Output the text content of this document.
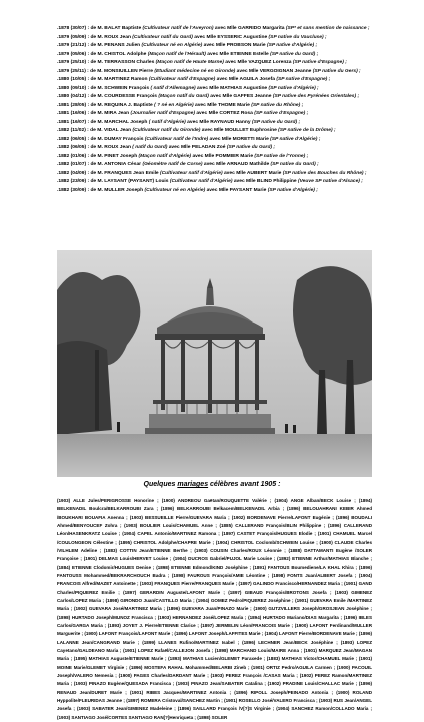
.1878 (30/07) : de M. BALAT Baptiste (Cultivateur natif de l'Aveyron) avec Mlle GARRIDO Margarita (SP* et sans mention de naissance ;
.1879 (05/09) : de M. ROUX Jean (Cultivateur natif du Gard) avec Mlle EYSSERIC Augustine (SP native du Vaucluse) ;
.1879 (21/12) : de M. PENANS Julien (Cultivateur né en Algérie) avec Mlle PROBSON Marie (SP native d'Algérie) ;
.1879 (05/06) : de M. CHISTOL Adolphe (Maçon natif de l'Hérault) avec Mlle ETIENNE Estelle (SP native du Gard) ;
.1879 (25/10) : de M. TERRASSON Charles (Maçon natif de Haute Marne) avec Mlle VAZQUEZ Lorenza (SP native d'Espagne) ;
.1879 (25/11) : de M. MONSIUILLEN Pierre (Etudiant médecine né en Gironde) avec Mlle VERGOIGNAN Jeanne (SP native du Gers) ;
.1880 (10/05) : de M. MARTINEZ Ramon (Cultivateur natif d'Espagne) avec Mlle AGUILA Josefa (SP native d'Espagne) ;
.1880 (09/10) : de M. SCHWEIN François ( natif d'Allemagne) avec Mlle MATHIAS Augustine (SP native d'Algérie) ;
.1880 (04/12) : de M. COURDESSE François (Maçon natif du Gard) avec Mlle GAFFES Jeanne (SP native des Pyrénées Orientales) ;
.1881 (28/05) : de M. REQUINA J. Baptiste ( ? né en Algérie) avec Mlle THOME Marie (SP native du Rhône) ;
.1881 (16/06) : de M. MIRA Jean (Journalier natif d'Espagne) avec Mlle CORTEZ Rosa (SP native d'Espagne) ;
.1881 (16/07) : de M. MARCHAL Joseph ( natif d'Algérie) avec Mlle RAYNAUD Hanny (SP native du Gard) ;
.1882 (11/02) : de M. VIDAL Jean (Cultivateur natif du Gironde) avec Mlle MOULLET Euphrosine (SP native de la Drôme) ;
.1882 (06/05) : de M. DUMAY François (Cultivateur natif de l'Indre) avec Mlle MORETTI Marie (SP native d'Algérie) ;
.1882 (06/05) : de M. ROUX Jean ( natif du Gard) avec Mlle PELADAN Zoé (SP native du Gard) ;
.1882 (01/06) : de M. PINET Joseph (Maçon natif d'Algérie) avec Mlle POMMIER Marie (SP native de l'Yonne) ;
.1882 (01/07) : de M. ANTONIA César (Géomètre natif de Corse) avec Mlle ARNAUD Mathilde (SP native du Gard) ;
.1882 (04/09) : de M. FRANQUES Jean Emile (Cultivateur natif d'Algérie) avec Mlle AUBERT Marie (SP native des Bouches du Rhône) ;
.1882 (23/09) : de M. LAYSANT (PAYSANT) Louis (Cultivateur natif d'Algérie) avec Mlle BLIND Philippine (Veuve SP native d'Alsace) ;
.1882 (30/09) : de M. MULLER Joseph (Cultivateur né en Algérie) avec Mlle PAYSANT Marie (SP native d'Algérie) ;
Quelques mariages célèbres avant 1905 :
(1903) ALLE Jules/PERIGROSSE Honorine ; (1900) ANDREOU Gaëtan/ROUQUETTE Valérie ; (1904) ANGE Alban/BECK Louise ; (1894) BELKENADIL Boulcra/BELKARROUBI Zara ; (1896) BELKARROUBI Belkacem/BELKENADIL Arbia ; (1896) BELOUAHRANI KEBIR Ahmed /BOUKHARI BOUAFIA Anenna ; (1903) BESSUEILLE Pierre/GUEVARA Maria ; (1902) BORDENAVE Pierre/LAFONT Eugénie ; (1896) BOUDALI Ahmed/BENYOUCEF Zohra ; (1903) BOULIER Louis/CHAMUEL Anne ; (1885) CALLERAND François/BLIN Philippine ; (1896) CALLERAND Léon/HASENKRATZ Louise ; (1904) CAPEL Antonio/MARTINEZ Ramona ; (1897) CASTET François/HUGUES Elodie ; (1901) CHAMUEL Marcel /COULONGEON Célestine ; (1895) CHRISTOL Adolphe/CHAPRE Marie ; (1904) CHRISTOL Coclomb/SCHWEIN Louise ; (1900) CLAUDE Charles /VILHLEM Adeline ; (1883) COTTIN Jean/ETIENNE Berthe ; (1903) COUSIN Charles/ROUX Léonnie ; (1888) DATTAMANTI Eugène /SOLER Françoise ; (1901) DELMAS Louis/HERVET Louise ; (1904) DUCROS Gabriel/PUJOL Marie Louise ; (1892) ETIENNE Arthur/MATHIAS Blanche ; (1884) ETIENNE Clodomir/HUGUES Denise ; (1898) ETIENNE Edmond/KIND Joséphine ; (1891) FANTOUS Boumediene/LA KHAL Khira ; (1896) FANTOUSS Mohammed/BEKRARCHOUCH Badra ; (1898) FAUROUS François/AMIE Léontine ; (1898) FONTS Juan/ALBERT Josefa ; (1904) FRANCOIS Alfred/MAZET Antoinette ; (1903) FRANQUES Pierre/FRANQUES Marie ; (1897) GALINDO Francisco/HERNANDEZ Maria ; (1901) GAND Charles/PIQUEREZ Emilie ; (1897) GERARDIN Auguste/LAFONT Marie ; (1897) GIBAUD François/BROTONS Josefa ; (1903) GIMENEZ Carlos/LOPEZ Maria ; (1898) GIRONDO Juan/CASTILLO Maria ; (1904) GOMEZ Pedro/PIQUEREZ Joséphine ; (1901) GUEVARA Emile /MARTINEZ Maria ; (1902) GUEVARA José/MARTINEZ Maria ; (1896) GUEVARA Juan/PINAZO Marie ; (1900) GUTZVILLERS Joseph/GROSJEAN Joséphine ; (1898) HURTADO Joseph/MUNOZ Francisca ; (1903) HERNANDEZ José/LOPEZ Maria ; (1894) HURTADO Mariano/DIAS Margarita ; (1896) IBLES Carlos/GARGA Maria ; (1893) JOYET J. Pierre/ETIENNE Clarice ; (1897) JERMELIN Léon/FRANCOIS Marie ; (1900) LAFONT Ferdinand/MULLER Marguerite ; (1900) LAFONT François/LAFONT Marie ; (1896) LAFONT Joseph/LAFFITES Marie ; (1904) LAFONT Pierre/BORDENAVE Marie ; (1896) LALANNE Jean/CANGRAND Marie ; (1899) LLANES Rufino/MARTINEZ Isabel ; (1896) LECHNER Jean/BECK Joséphine ; (1893) LOPEZ Cayetano/GALDEANO Maria ; (1901) LOPEZ Rafaël/CALLEJON Josefa ; (1898) MARCHAND Louis/MAIRE Anna ; (1901) MARQUEZ Jean/MAGAN Maria ; (1895) MATHIAS Auguste/ETIENNE Marie ; (1893) MATHIAS Lucien/GLEMET Paraxede ; (1883) MATHIAS Victor/CHAMUEL Marie ; (1901) MOINE Marie/GLEMET Virginie ; (1896) MOSTEFA RAHAL Mohammed/BELARBI Zineb ; (1901) ORTIZ Pedro/AGUILA Carmen ; (1900) PACOUIL Joseph/VALERO Nemesia ; (1900) PAGES Charles/DARDANT Marie ; (1903) PEREZ François /CASAS Maria ; (1902) PEREZ Ramon/MARTINEZ Maria ; (1903) PINAZO Eugène/QUESADA Francisca ; (1903) PINAZO Jean/SABATER Catalina ; (1902) PRADINE Louis/CHALLAC Marie ; (1896) RENAUD Jean/DURET Marie ; (1901) RIBES Jacques/MARTINEZ Antonia ; (1896) RIPOLL Joseph/PEINADO Antonia ; (1900) ROLAND Hyppolite/FLEURIDAS Jeanne ; (1897) ROMERA Cristoval/SANCHEZ Martin ; (1901) ROSELLO José/VALERO Francisca ; (1903) RUS Jean/ANGEL Josefa ; (1903) SABATER Jean/GIMENEZ Madeleine ; (1896) SAILLARD François /V[?]S Virginie ; (1904) SANCHEZ Ramon/COLLADO Maria ; (1903) SANTIAGO José/CORTES SANTIAGO RAN[?]Henriqueta ; (1898) SOLER
